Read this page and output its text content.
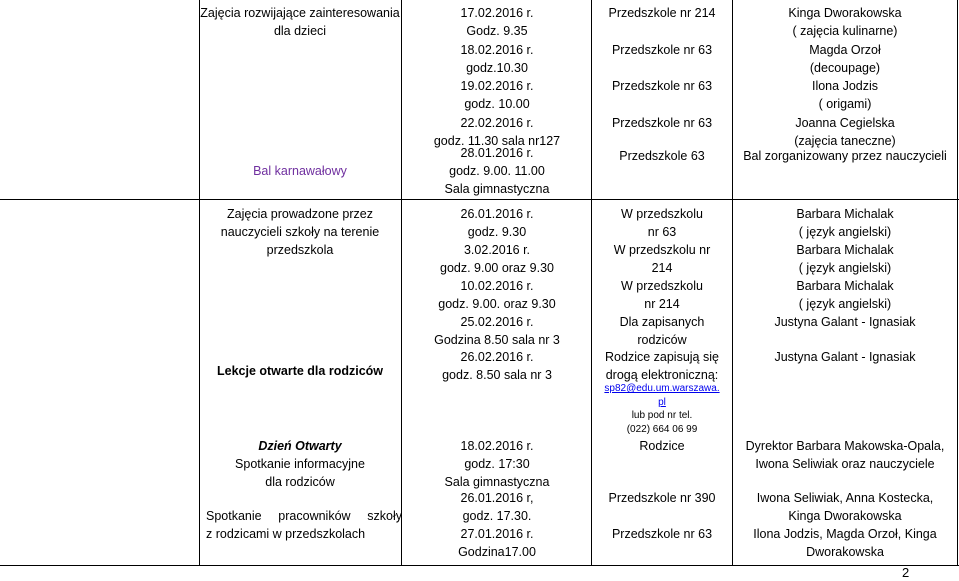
Zajęcia rozwijające zainteresowania dla dzieci
Bal karnawałowy
17.02.2016 r.
Godz. 9.35
18.02.2016 r.
godz.10.30
19.02.2016 r.
godz. 10.00
22.02.2016 r.
godz. 11.30 sala nr127
28.01.2016 r.
godz. 9.00. 11.00
Sala gimnastyczna
Przedszkole nr 214
Przedszkole nr 63
Przedszkole nr 63
Przedszkole nr 63
Przedszkole 63
Kinga Dworakowska
( zajęcia kulinarne)
Magda Orzoł
(decoupage)
Ilona Jodzis
( origami)
Joanna Cegielska
(zajęcia taneczne)
Bal zorganizowany przez nauczycieli
Zajęcia prowadzone przez
nauczycieli szkoły na terenie
przedszkola
26.01.2016 r.
godz. 9.30
3.02.2016 r.
godz. 9.00 oraz 9.30
10.02.2016 r.
godz. 9.00. oraz 9.30
W przedszkolu
nr 63
W przedszkolu nr
214
W przedszkolu
nr 214
Barbara Michalak
( język angielski)
Barbara Michalak
( język angielski)
Barbara Michalak
( język angielski)
Lekcje otwarte dla rodziców
25.02.2016 r.
Godzina 8.50 sala nr 3
26.02.2016 r.
godz. 8.50 sala nr 3
Dla zapisanych
rodziców
Rodzice zapisują się
drogą elektroniczną:
sp82@edu.um.warszawa.
pl
lub pod nr tel.
(022) 664 06 99
Justyna Galant - Ignasiak
Justyna Galant - Ignasiak
Dzień Otwarty
Spotkanie informacyjne
dla rodziców
Spotkanie pracowników szkoły
z rodzicami w przedszkolach
18.02.2016 r.
godz. 17:30
Sala gimnastyczna
26.01.2016 r,
godz. 17.30.
27.01.2016 r.
Godzina17.00
Rodzice
Przedszkole nr 390
Przedszkole nr 63
Dyrektor Barbara Makowska-Opala,
Iwona Seliwiak oraz nauczyciele
Iwona Seliwiak, Anna Kostecka,
Kinga Dworakowska
Ilona Jodzis, Magda Orzoł, Kinga
Dworakowska
2
